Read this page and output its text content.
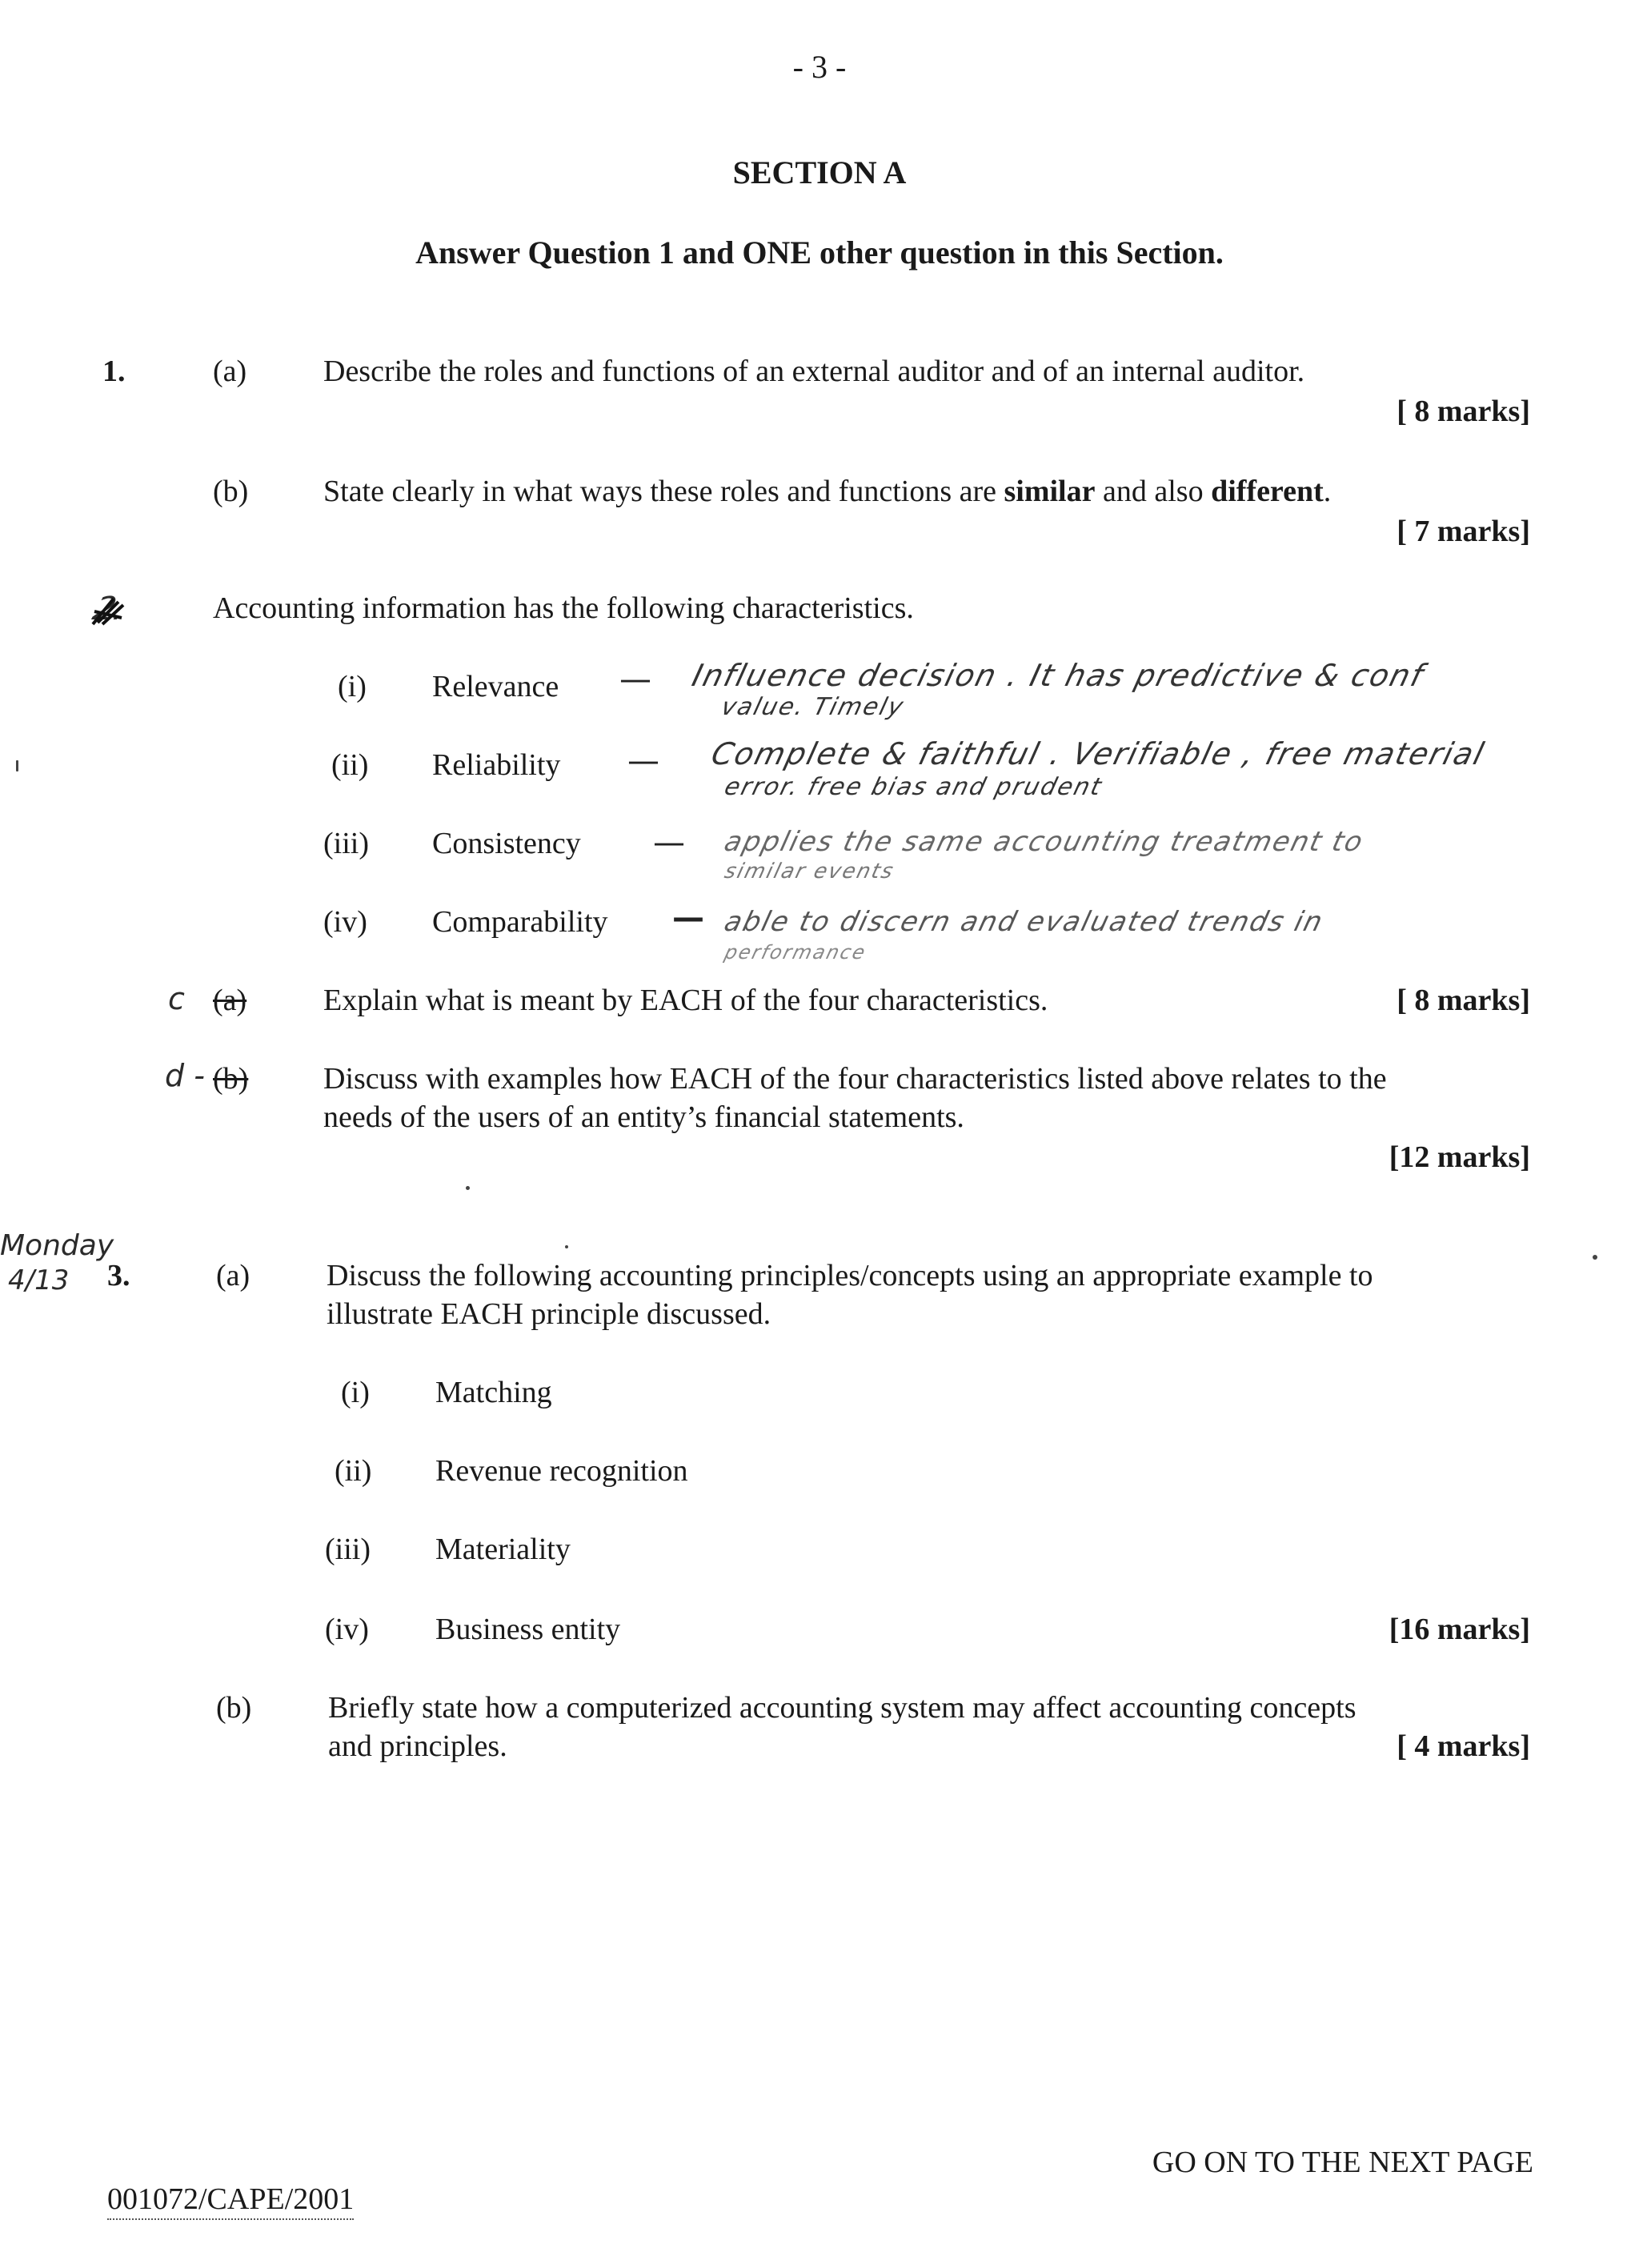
- 3 -
SECTION A
Answer Question 1 and ONE other question in this Section.
1.	(a)	Describe the roles and functions of an external auditor and of an internal auditor.
[ 8 marks]
(b) State clearly in what ways these roles and functions are similar and also different.
[ 7 marks]
2.	Accounting information has the following characteristics.
(i) Relevance — Influence decision . It has predictive & conf
value. Timely
(ii) Reliability — Complete & faithful . Verifiable , free material
error. free bias and prudent
(iii) Consistency — applies the same accounting treatment to
similar events
(iv) Comparability — able to discern and evaluated trends in
performance
c (a)	Explain what is meant by EACH of the four characteristics.	[ 8 marks]
d - (b) Discuss with examples how EACH of the four characteristics listed above relates to the
needs of the users of an entity’s financial statements.
[12 marks]
Monday
4/13 3.	(a)	Discuss the following accounting principles/concepts using an appropriate example to
illustrate EACH principle discussed.
(i) Matching
(ii) Revenue recognition
(iii) Materiality
(iv) Business entity	[16 marks]
(b)	Briefly state how a computerized accounting system may affect accounting concepts
and principles.	[ 4 marks]
GO ON TO THE NEXT PAGE
001072/CAPE/2001
